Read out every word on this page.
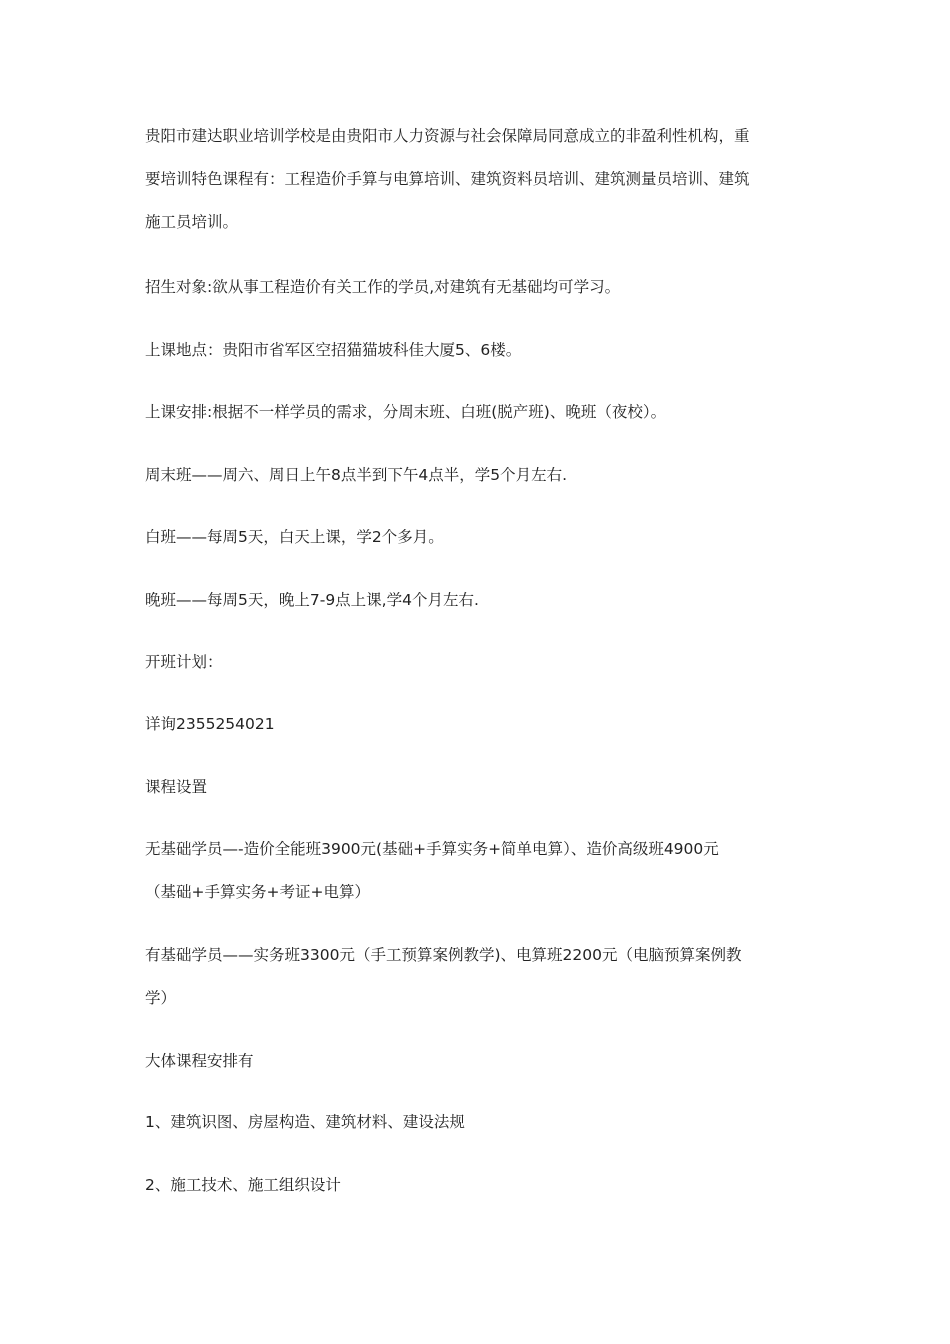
贵阳市建达职业培训学校是由贵阳市人力资源与社会保障局同意成立的非盈利性机构，重
要培训特色课程有：工程造价手算与电算培训、建筑资料员培训、建筑测量员培训、建筑
施工员培训。

招生对象:欲从事工程造价有关工作的学员,对建筑有无基础均可学习。

上课地点：贵阳市省军区空招猫猫坡科佳大厦5、6楼。

上课安排:根据不一样学员的需求，分周末班、白班(脱产班)、晚班（夜校）。

周末班——周六、周日上午8点半到下午4点半，学5个月左右.

白班——每周5天，白天上课，学2个多月。

晚班——每周5天，晚上7-9点上课,学4个月左右.

开班计划：

详询2355254021

课程设置

无基础学员—-造价全能班3900元(基础+手算实务+简单电算）、造价高级班4900元
（基础+手算实务+考证+电算）

有基础学员——实务班3300元（手工预算案例教学)、电算班2200元（电脑预算案例教
学）

大体课程安排有

1、建筑识图、房屋构造、建筑材料、建设法规

2、施工技术、施工组织设计
